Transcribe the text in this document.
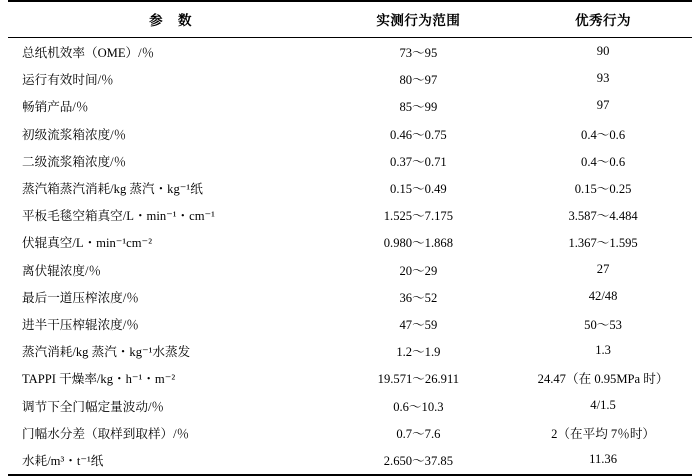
参 数	实测行为范围	优秀行为
总纸机效率（OME）/％	73～95	90
运行有效时间/％	80～97	93
畅销产品/％	85～99	97
初级流浆箱浓度/％	0.46～0.75	0.4～0.6
二级流浆箱浓度/％	0.37～0.71	0.4～0.6
蒸汽箱蒸汽消耗/kg 蒸汽・kg⁻¹纸	0.15～0.49	0.15～0.25
平板毛毯空箱真空/L・min⁻¹・cm⁻¹	1.525～7.175	3.587～4.484
伏辊真空/L・min⁻¹cm⁻²	0.980～1.868	1.367～1.595
离伏辊浓度/％	20～29	27
最后一道压榨浓度/％	36～52	42/48
进半干压榨辊浓度/％	47～59	50～53
蒸汽消耗/kg 蒸汽・kg⁻¹水蒸发	1.2～1.9	1.3
TAPPI 干燥率/kg・h⁻¹・m⁻²	19.571～26.911	24.47（在 0.95MPa 时）
调节下全门幅定量波动/％	0.6～10.3	4/1.5
门幅水分差（取样到取样）/％	0.7～7.6	2（在平均 7％时）
水耗/m³・t⁻¹纸	2.650～37.85	11.36
